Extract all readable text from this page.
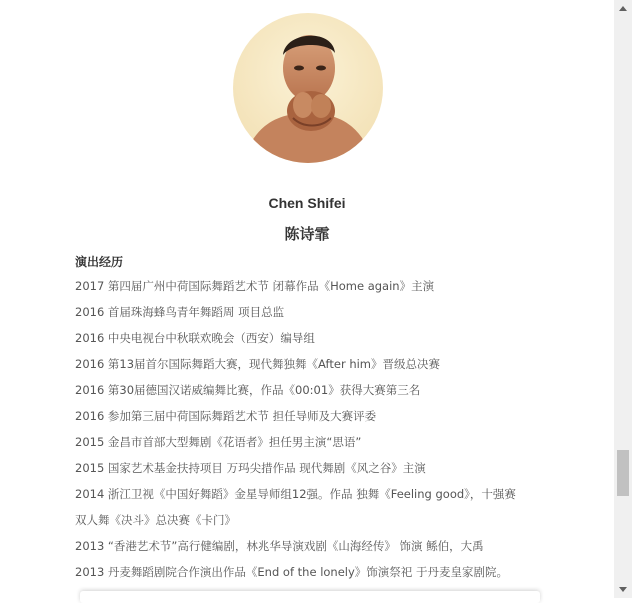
Chen Shifei
陈诗霏
演出经历
2017 第四届广州中荷国际舞蹈艺术节 闭幕作品《Home again》主演
2016 首届珠海蜂鸟青年舞蹈周 项目总监
2016 中央电视台中秋联欢晚会（西安）编导组
2016 第13届首尔国际舞蹈大赛，现代舞独舞《After him》晋级总决赛
2016 第30届德国汉诺威编舞比赛，作品《00:01》获得大赛第三名
2016 参加第三届中荷国际舞蹈艺术节 担任导师及大赛评委
2015 金昌市首部大型舞剧《花语者》担任男主演“思语”
2015 国家艺术基金扶持项目 万玛尖措作品 现代舞剧《风之谷》主演
2014 浙江卫视《中国好舞蹈》金星导师组12强。作品 独舞《Feeling good》，十强赛
双人舞《决斗》总决赛《卡门》
2013 “香港艺术节”高行健编剧，林兆华导演戏剧《山海经传》 饰演 鲧伯，大禹
2013 丹麦舞蹈剧院合作演出作品《End of the lonely》饰演祭祀 于丹麦皇家剧院。
